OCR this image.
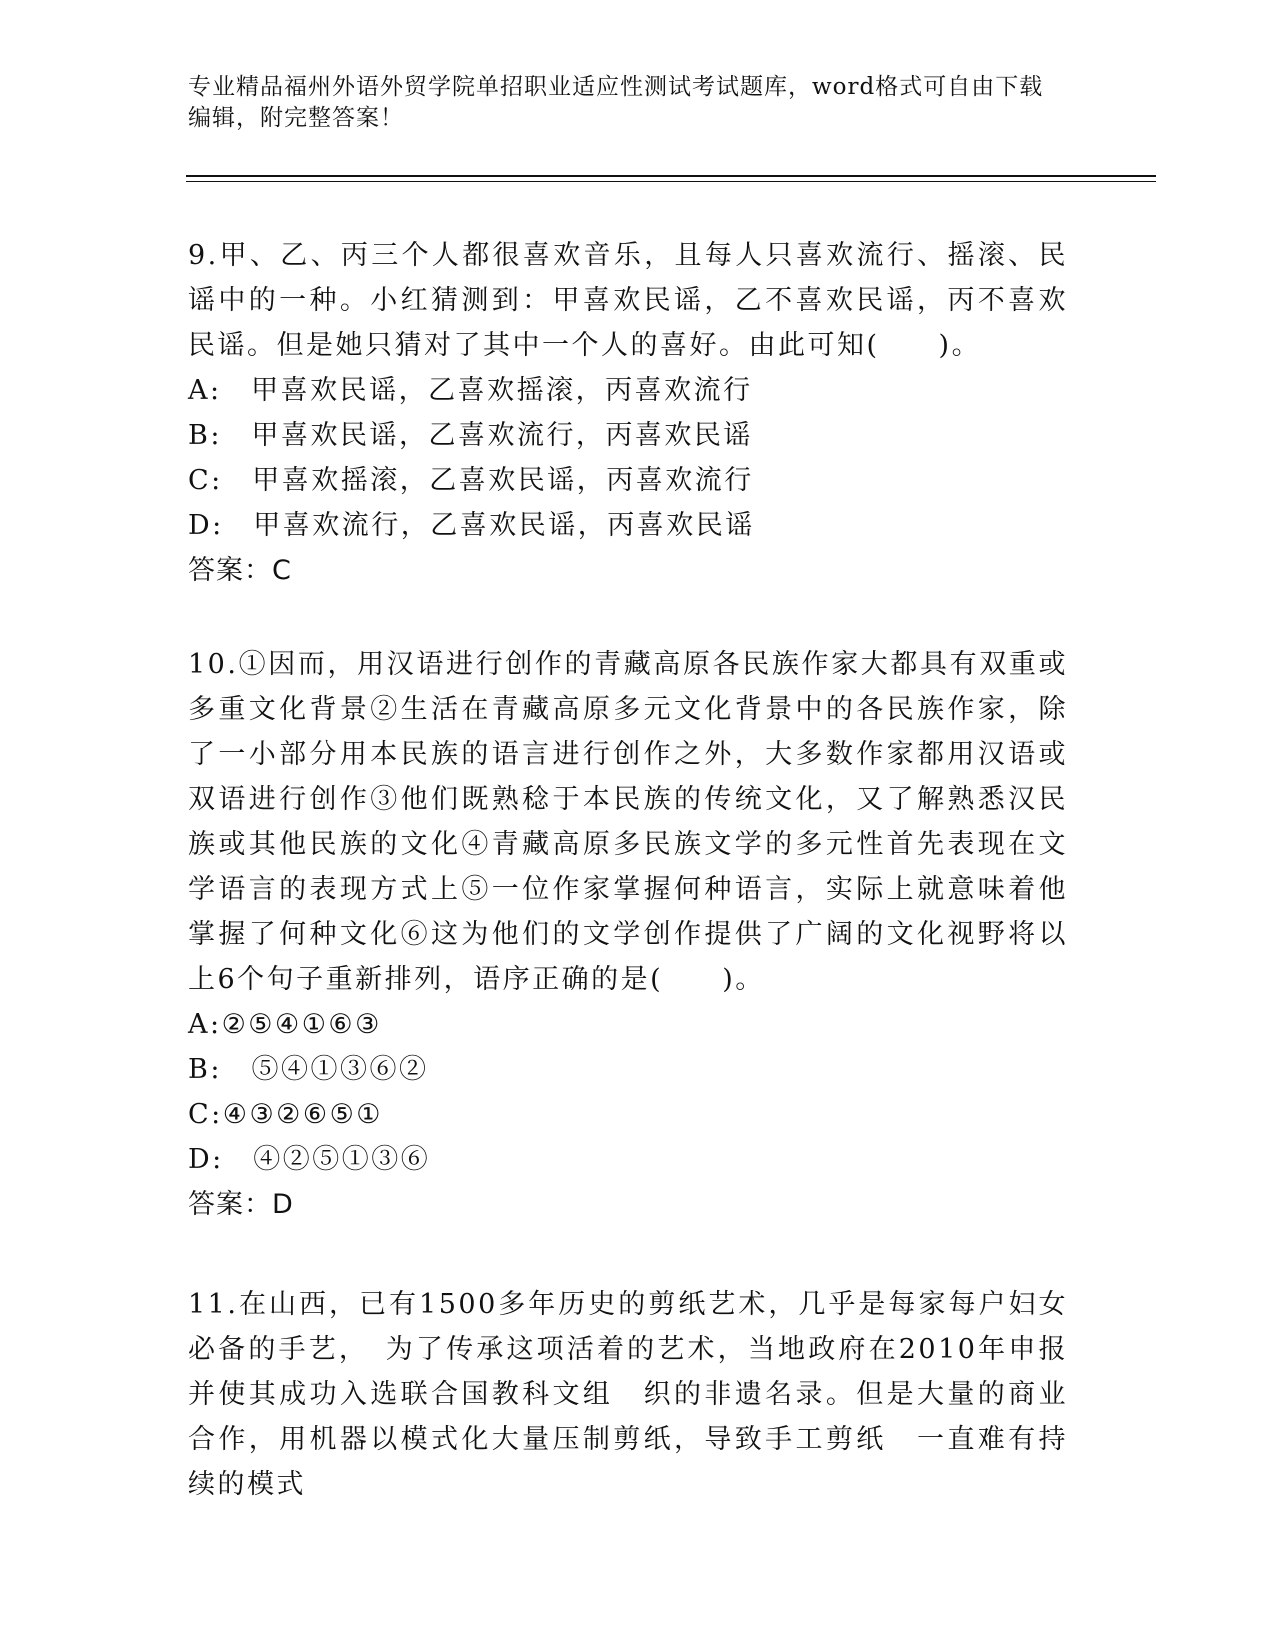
专业精品福州外语外贸学院单招职业适应性测试考试题库，word格式可自由下载
编辑，附完整答案！
9.甲、乙、丙三个人都很喜欢音乐，且每人只喜欢流行、摇滚、民谣中的一种。小红猜测到：甲喜欢民谣，乙不喜欢民谣，丙不喜欢民谣。但是她只猜对了其中一个人的喜好。由此可知(　　)。
A:　甲喜欢民谣，乙喜欢摇滚，丙喜欢流行
B:　甲喜欢民谣，乙喜欢流行，丙喜欢民谣
C:　甲喜欢摇滚，乙喜欢民谣，丙喜欢流行
D:　甲喜欢流行，乙喜欢民谣，丙喜欢民谣
答案：C
10.①因而，用汉语进行创作的青藏高原各民族作家大都具有双重或多重文化背景②生活在青藏高原多元文化背景中的各民族作家，除了一小部分用本民族的语言进行创作之外，大多数作家都用汉语或双语进行创作③他们既熟稔于本民族的传统文化，又了解熟悉汉民族或其他民族的文化④青藏高原多民族文学的多元性首先表现在文学语言的表现方式上⑤一位作家掌握何种语言，实际上就意味着他掌握了何种文化⑥这为他们的文学创作提供了广阔的文化视野将以上6个句子重新排列，语序正确的是(　　)。
A:②⑤④①⑥③
B:　⑤④①③⑥②
C:④③②⑥⑤①
D:　④②⑤①③⑥
答案：D
11.在山西，已有1500多年历史的剪纸艺术，几乎是每家每户妇女必备的手艺，　为了传承这项活着的艺术，当地政府在2010年申报并使其成功入选联合国教科文组　织的非遗名录。但是大量的商业合作，用机器以模式化大量压制剪纸，导致手工剪纸　一直难有持续的模式
